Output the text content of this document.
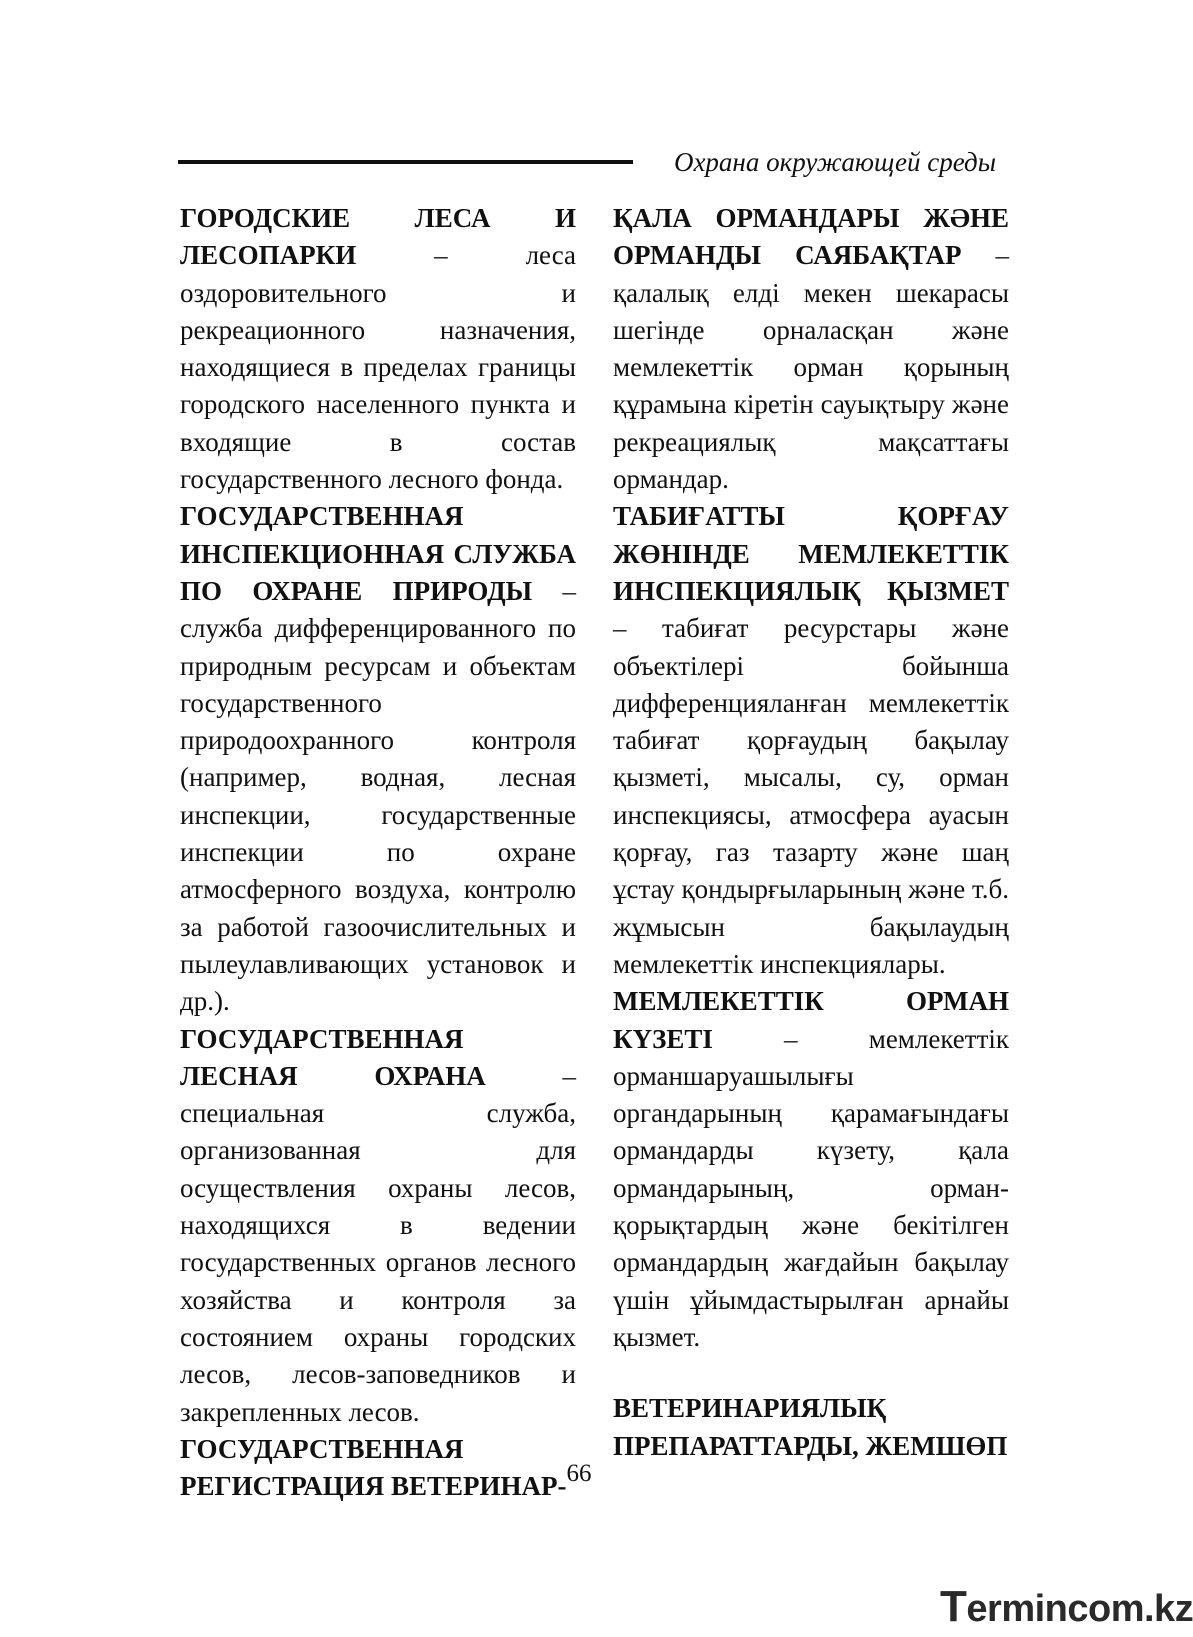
Охрана окружающей среды

ГОРОДСКИЕ ЛЕСА И ЛЕСОПАРКИ – леса оздоровительного и рекреационного назначения, находящиеся в пределах границы городского населенного пункта и входящие в состав государственного лесного фонда.

ГОСУДАРСТВЕННАЯ ИНСПЕКЦИОННАЯ СЛУЖБА ПО ОХРАНЕ ПРИРОДЫ – служба дифференцированного по природным ресурсам и объектам государственного природоохранного контроля (например, водная, лесная инспекции, государственные инспекции по охране атмосферного воздуха, контролю за работой газоочислительных и пылеулавливающих установок и др.).

ГОСУДАРСТВЕННАЯ ЛЕСНАЯ ОХРАНА – специальная служба, организованная для осуществления охраны лесов, находящихся в ведении государственных органов лесного хозяйства и контроля за состоянием охраны городских лесов, лесов-заповедников и закрепленных лесов.

ГОСУДАРСТВЕННАЯ РЕГИСТРАЦИЯ ВЕТЕРИНАР-

ҚАЛА ОРМАНДАРЫ ЖӘНЕ ОРМАНДЫ САЯБАҚТАР – қалалық елді мекен шекарасы шегінде орналасқан және мемлекеттік орман қорының құрамына кіретін сауықтыру және рекреациялық мақсаттағы ормандар.

ТАБИҒАТТЫ ҚОРҒАУ ЖӨНІНДЕ МЕМЛЕКЕТТІК ИНСПЕКЦИЯЛЫҚ ҚЫЗМЕТ – табиғат ресурстары және объектілері бойынша дифференцияланған мемлекеттік табиғат қорғаудың бақылау қызметі, мысалы, су, орман инспекциясы, атмосфера ауасын қорғау, газ тазарту және шаң ұстау қондырғыларының және т.б. жұмысын бақылаудың мемлекеттік инспекциялары.

МЕМЛЕКЕТТІК ОРМАН КҮЗЕТІ – мемлекеттік орманшаруашылығы органдарының қарамағындағы ормандарды күзету, қала ормандарының, орман-қорықтардың және бекітілген ормандардың жағдайын бақылау үшін ұйымдастырылған арнайы қызмет.

ВЕТЕРИНАРИЯЛЫҚ ПРЕПАРАТТАРДЫ, ЖЕМШӨП

66
Termincom.kz
